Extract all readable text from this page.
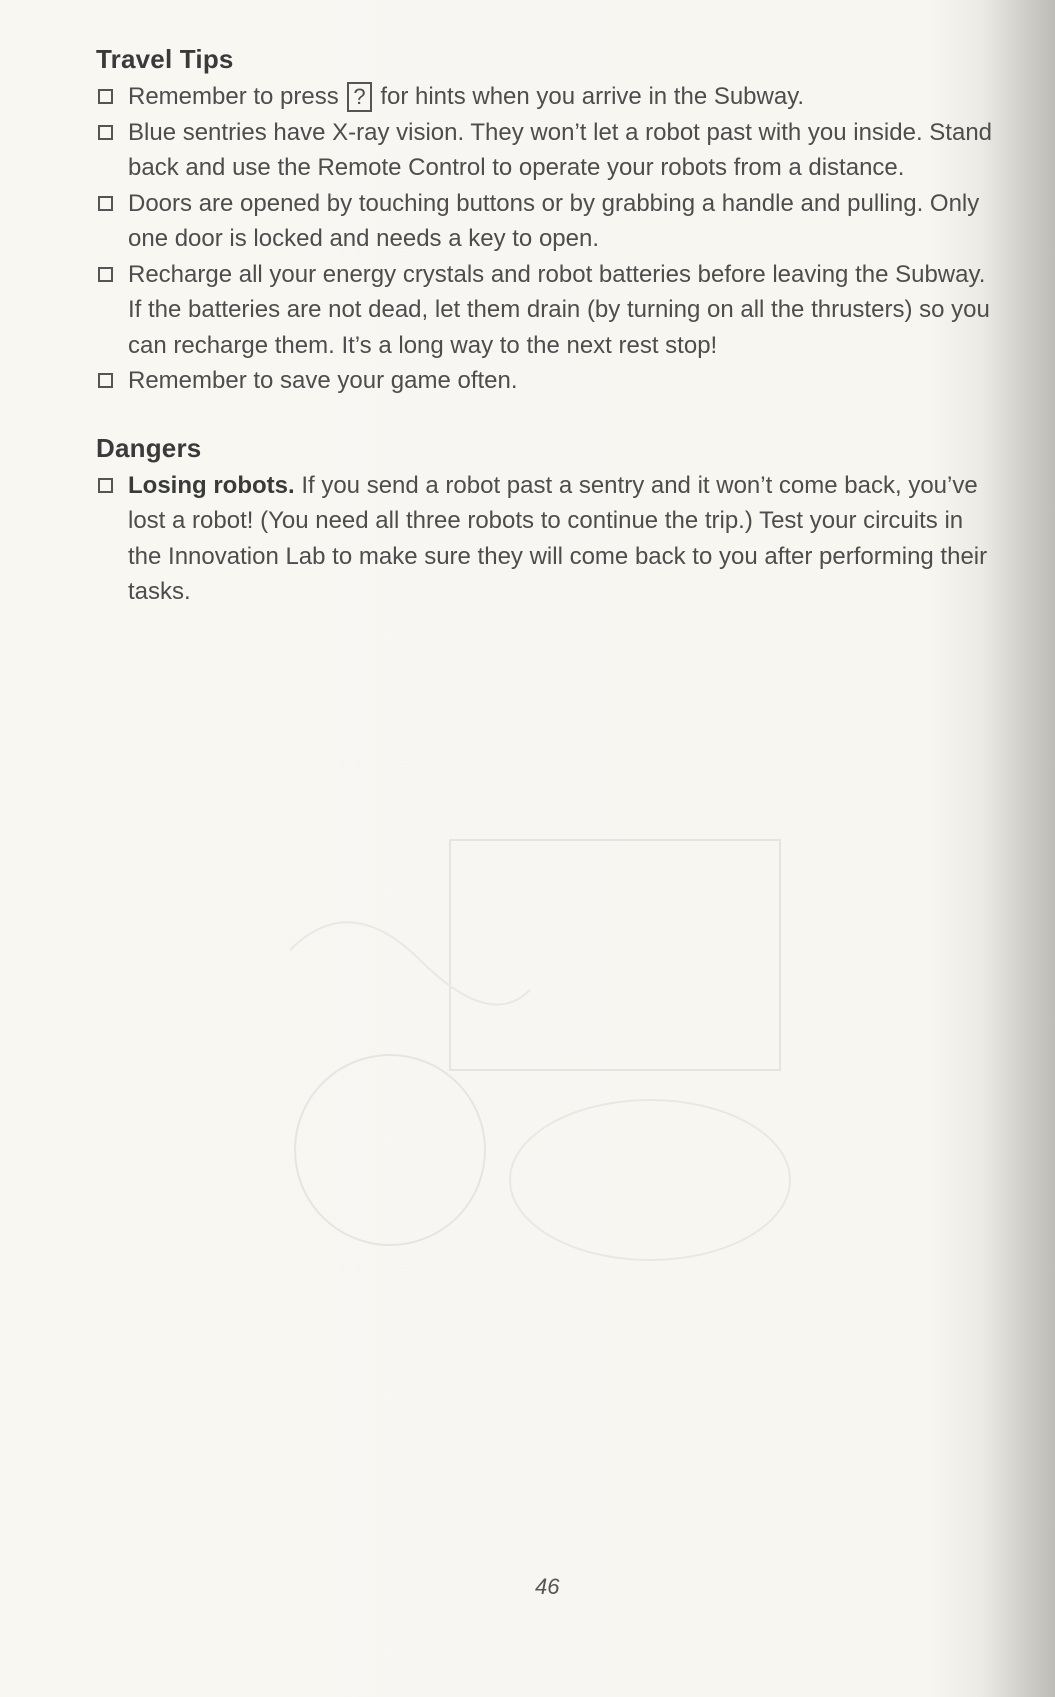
Travel Tips
Remember to press ? for hints when you arrive in the Subway.
Blue sentries have X-ray vision. They won’t let a robot past with you inside. Stand back and use the Remote Control to operate your robots from a distance.
Doors are opened by touching buttons or by grabbing a handle and pulling. Only one door is locked and needs a key to open.
Recharge all your energy crystals and robot batteries before leaving the Subway. If the batteries are not dead, let them drain (by turning on all the thrusters) so you can recharge them. It’s a long way to the next rest stop!
Remember to save your game often.
Dangers
Losing robots. If you send a robot past a sentry and it won’t come back, you’ve lost a robot! (You need all three robots to continue the trip.) Test your circuits in the Innovation Lab to make sure they will come back to you after performing their tasks.
46
